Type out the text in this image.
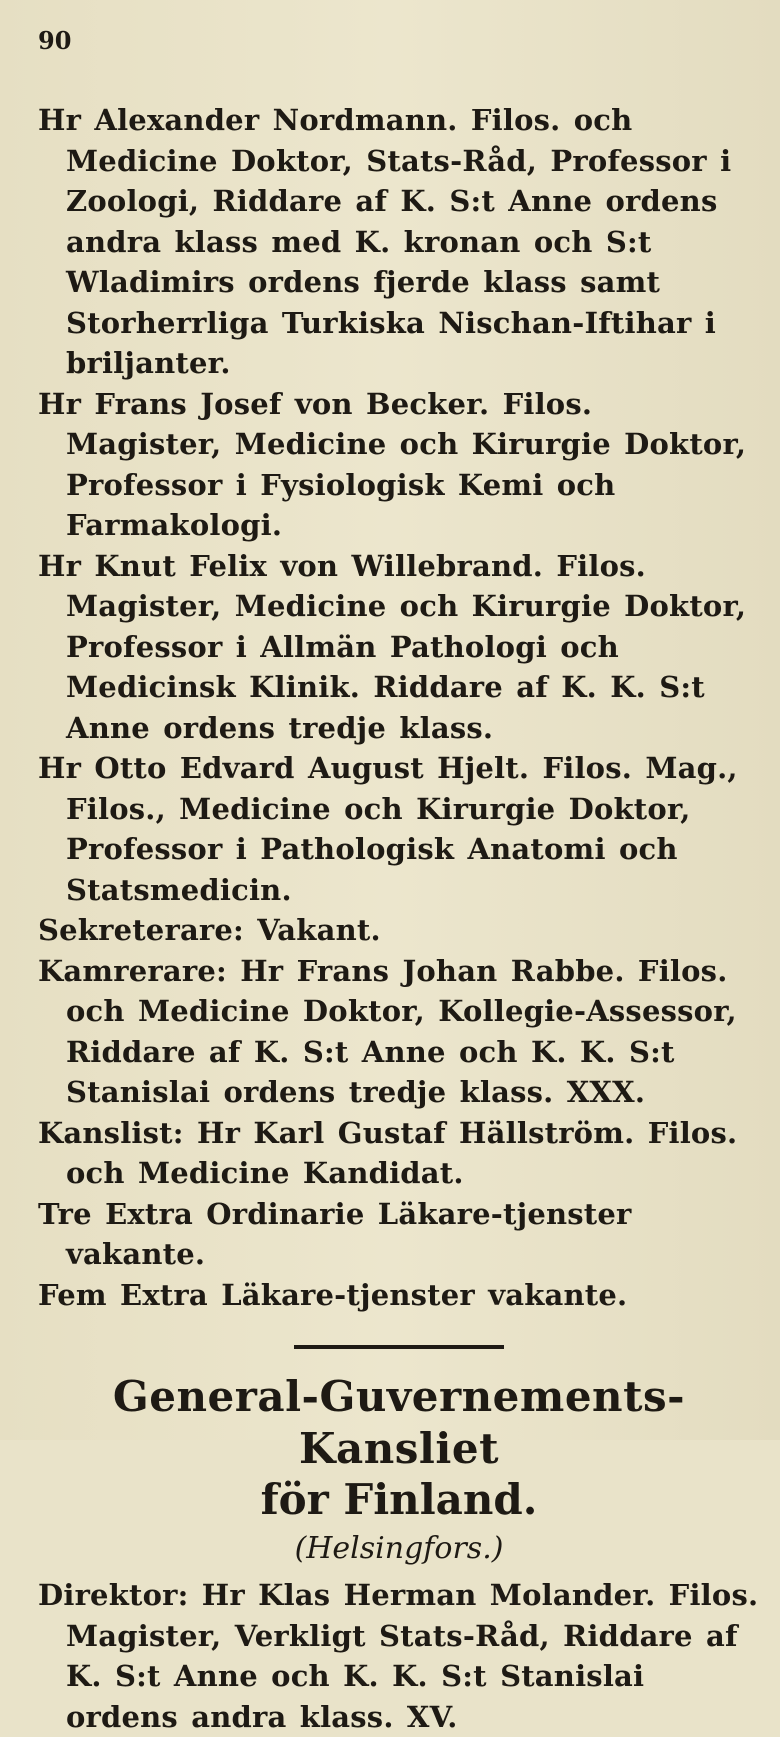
90

Hr Alexander Nordmann. Filos. och Medicine Doktor, Stats-Råd, Professor i Zoologi, Riddare af K. S:t Anne ordens andra klass med K. kronan och S:t Wladimirs ordens fjerde klass samt Storherrliga Turkiska Nischan-Iftihar i briljanter.

Hr Frans Josef von Becker. Filos. Magister, Medicine och Kirurgie Doktor, Professor i Fysiologisk Kemi och Farmakologi.

Hr Knut Felix von Willebrand. Filos. Magister, Medicine och Kirurgie Doktor, Professor i Allmän Pathologi och Medicinsk Klinik. Riddare af K. K. S:t Anne ordens tredje klass.

Hr Otto Edvard August Hjelt. Filos. Mag., Filos., Medicine och Kirurgie Doktor, Professor i Pathologisk Anatomi och Statsmedicin.

Sekreterare: Vakant.

Kamrerare: Hr Frans Johan Rabbe. Filos. och Medicine Doktor, Kollegie-Assessor, Riddare af K. S:t Anne och K. K. S:t Stanislai ordens tredje klass. XXX.

Kanslist: Hr Karl Gustaf Hällström. Filos. och Medicine Kandidat.

Tre Extra Ordinarie Läkare-tjenster vakante.

Fem Extra Läkare-tjenster vakante.

General-Guvernements-Kansliet
för Finland.
(Helsingfors.)

Direktor: Hr Klas Herman Molander. Filos. Magister, Verkligt Stats-Råd, Riddare af K. S:t Anne och K. K. S:t Stanislai ordens andra klass. XV.
